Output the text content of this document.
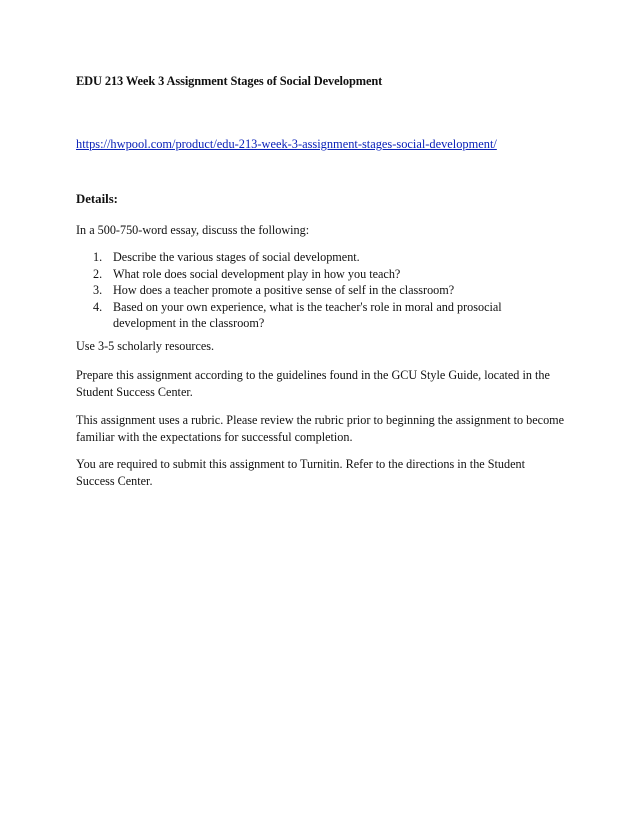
EDU 213 Week 3 Assignment Stages of Social Development
https://hwpool.com/product/edu-213-week-3-assignment-stages-social-development/
Details:
In a 500-750-word essay, discuss the following:
1. Describe the various stages of social development.
2. What role does social development play in how you teach?
3. How does a teacher promote a positive sense of self in the classroom?
4. Based on your own experience, what is the teacher's role in moral and prosocial development in the classroom?
Use 3-5 scholarly resources.
Prepare this assignment according to the guidelines found in the GCU Style Guide, located in the Student Success Center.
This assignment uses a rubric. Please review the rubric prior to beginning the assignment to become familiar with the expectations for successful completion.
You are required to submit this assignment to Turnitin. Refer to the directions in the Student Success Center.
